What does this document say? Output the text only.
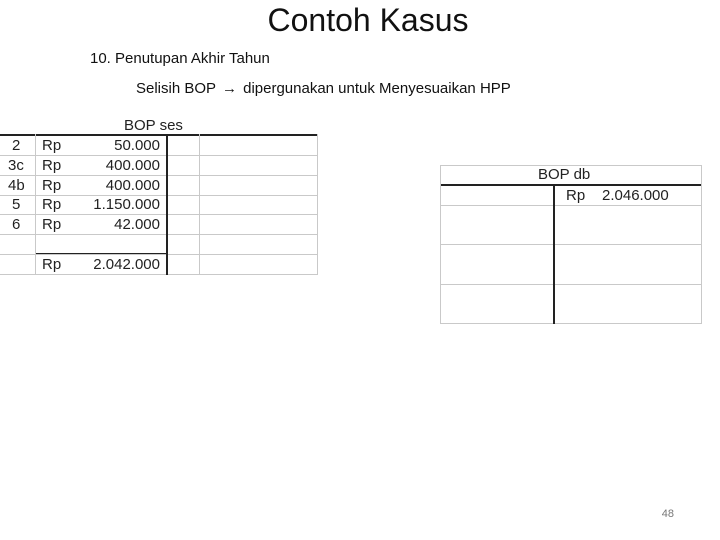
Contoh Kasus
10. Penutupan Akhir Tahun
Selisih BOP → dipergunakan untuk Menyesuaikan HPP
BOP ses
2 Rp	50.000
3c Rp	400.000
4b Rp	400.000
5 Rp	1.150.000
6 Rp	42.000
Rp	2.042.000
BOP db
Rp 2.046.000
48
